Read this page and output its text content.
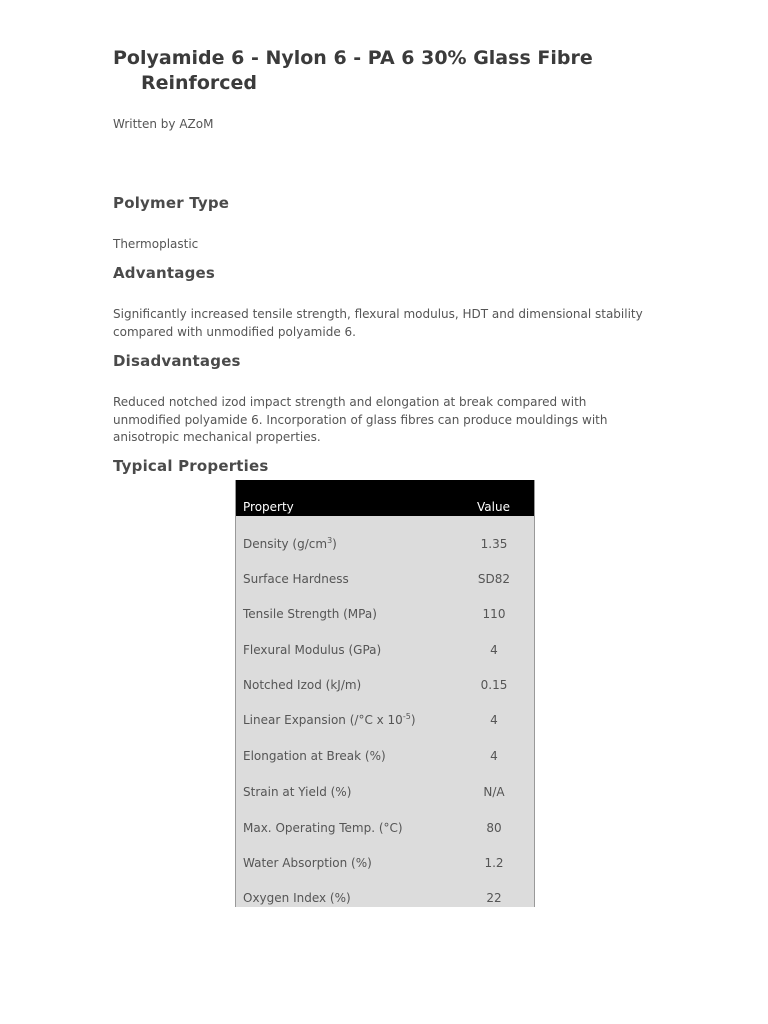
Polyamide 6 - Nylon 6 - PA 6 30% Glass Fibre
Reinforced

Written by AZoM

Polymer Type

Thermoplastic

Advantages

Significantly increased tensile strength, flexural modulus, HDT and dimensional stability compared with unmodified polyamide 6.

Disadvantages

Reduced notched izod impact strength and elongation at break compared with unmodified polyamide 6. Incorporation of glass fibres can produce mouldings with anisotropic mechanical properties.

Typical Properties
Property	Value
Density $(g/cm^3)$	1.35
Surface Hardness	SD82
Tensile Strength (MPa)	110
Flexural Modulus (GPa)	4
Notched Izod (kJ/m)	0.15
Linear Expansion (/°C x $10^{-5}$)	4
Elongation at Break (%)	4
Strain at Yield (%)	N/A
Max. Operating Temp. (°C)	80
Water Absorption (%)	1.2
Oxygen Index (%)	22
